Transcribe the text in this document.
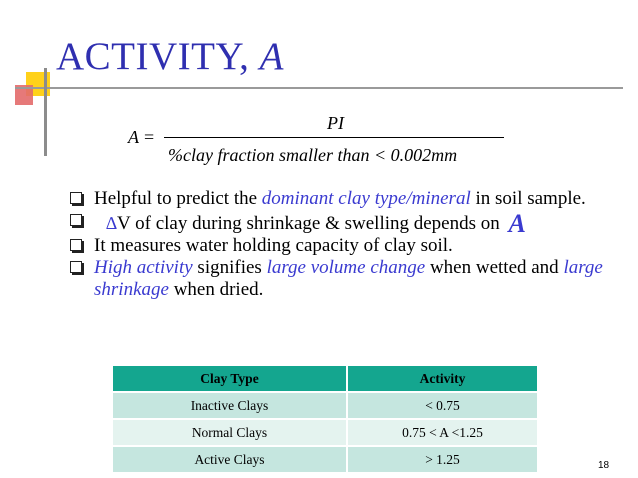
ACTIVITY, A
A =
PI
%clay fraction smaller than < 0.002mm

Helpful to predict the dominant clay type/mineral in soil sample.

∆V of clay during shrinkage & swelling depends on A

It measures water holding capacity of clay soil.

High activity signifies large volume change when wetted and large shrinkage when dried.

Clay Type	Activity
Inactive Clays	< 0.75
Normal Clays	0.75 < A <1.25
Active Clays	> 1.25	18
